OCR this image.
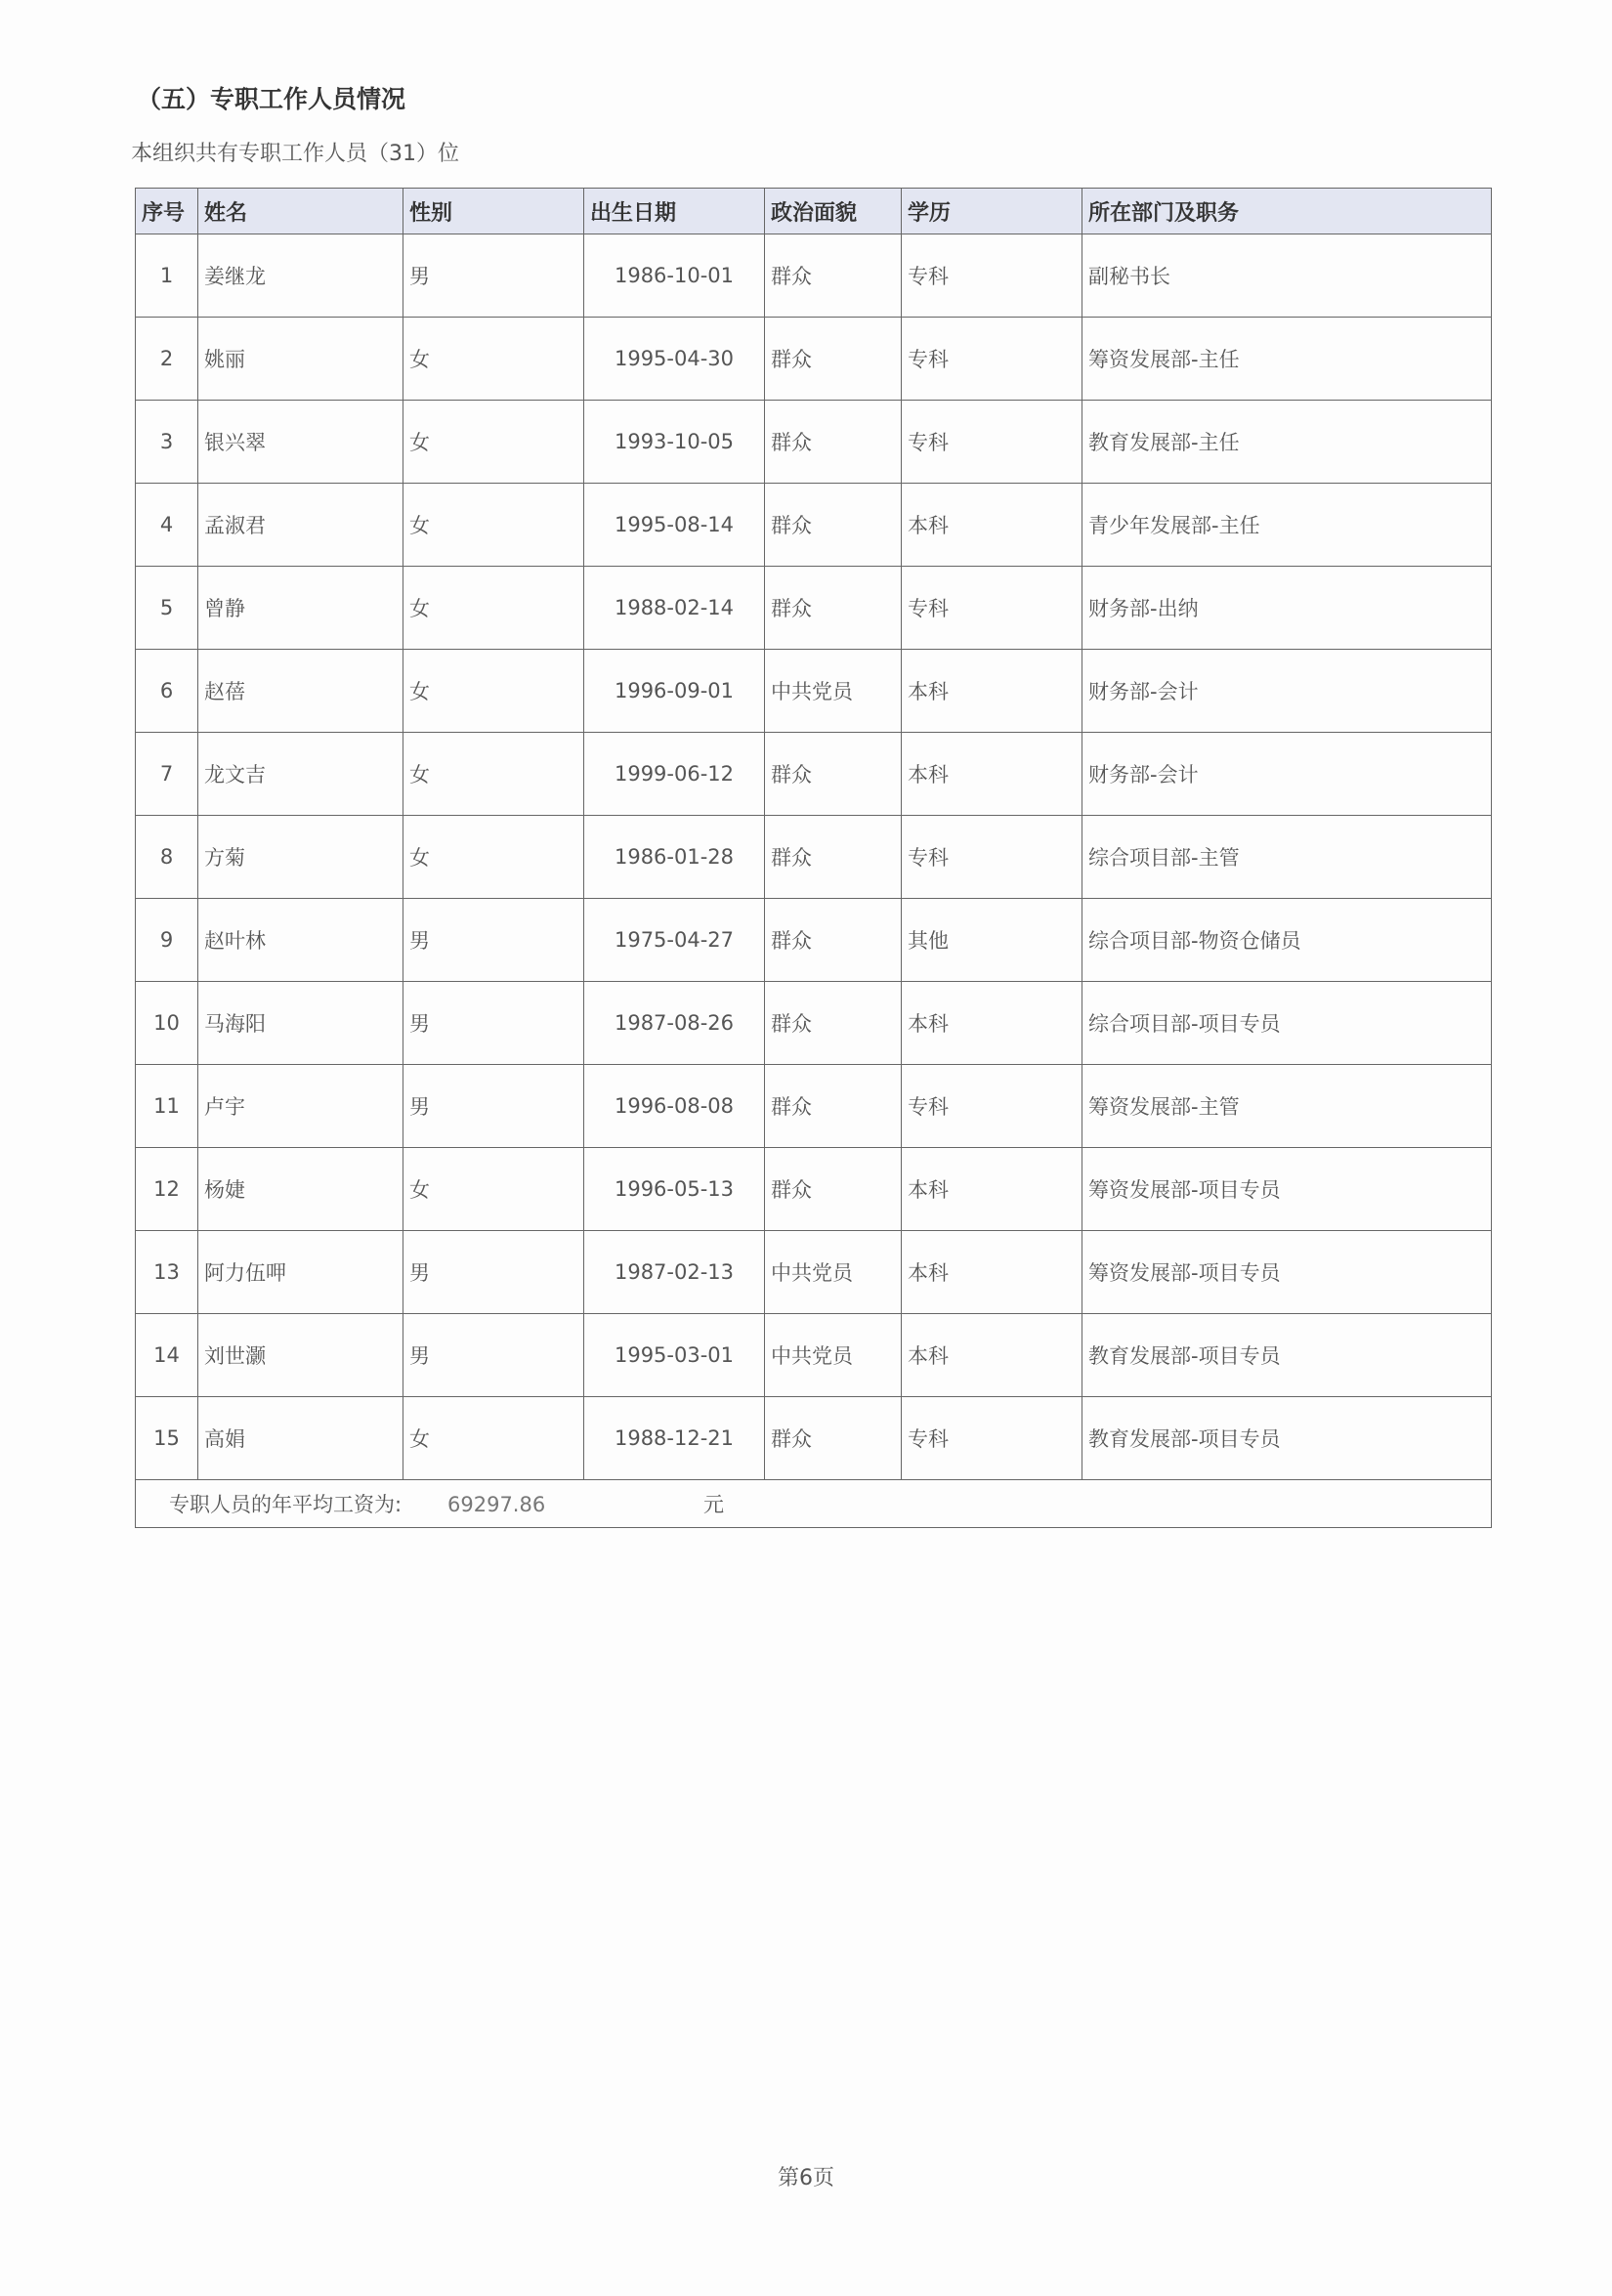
（五）专职工作人员情况
本组织共有专职工作人员（31）位
序号	姓名	性别	出生日期	政治面貌	学历	所在部门及职务
1	姜继龙	男	1986-10-01	群众	专科	副秘书长
2	姚丽	女	1995-04-30	群众	专科	筹资发展部-主任
3	银兴翠	女	1993-10-05	群众	专科	教育发展部-主任
4	孟淑君	女	1995-08-14	群众	本科	青少年发展部-主任
5	曾静	女	1988-02-14	群众	专科	财务部-出纳
6	赵蓓	女	1996-09-01	中共党员	本科	财务部-会计
7	龙文吉	女	1999-06-12	群众	本科	财务部-会计
8	方菊	女	1986-01-28	群众	专科	综合项目部-主管
9	赵叶林	男	1975-04-27	群众	其他	综合项目部-物资仓储员
10	马海阳	男	1987-08-26	群众	本科	综合项目部-项目专员
11	卢宇	男	1996-08-08	群众	专科	筹资发展部-主管
12	杨婕	女	1996-05-13	群众	本科	筹资发展部-项目专员
13	阿力伍呷	男	1987-02-13	中共党员	本科	筹资发展部-项目专员
14	刘世灏	男	1995-03-01	中共党员	本科	教育发展部-项目专员
15	高娟	女	1988-12-21	群众	专科	教育发展部-项目专员
专职人员的年平均工资为: 69297.86 元						
第6页
